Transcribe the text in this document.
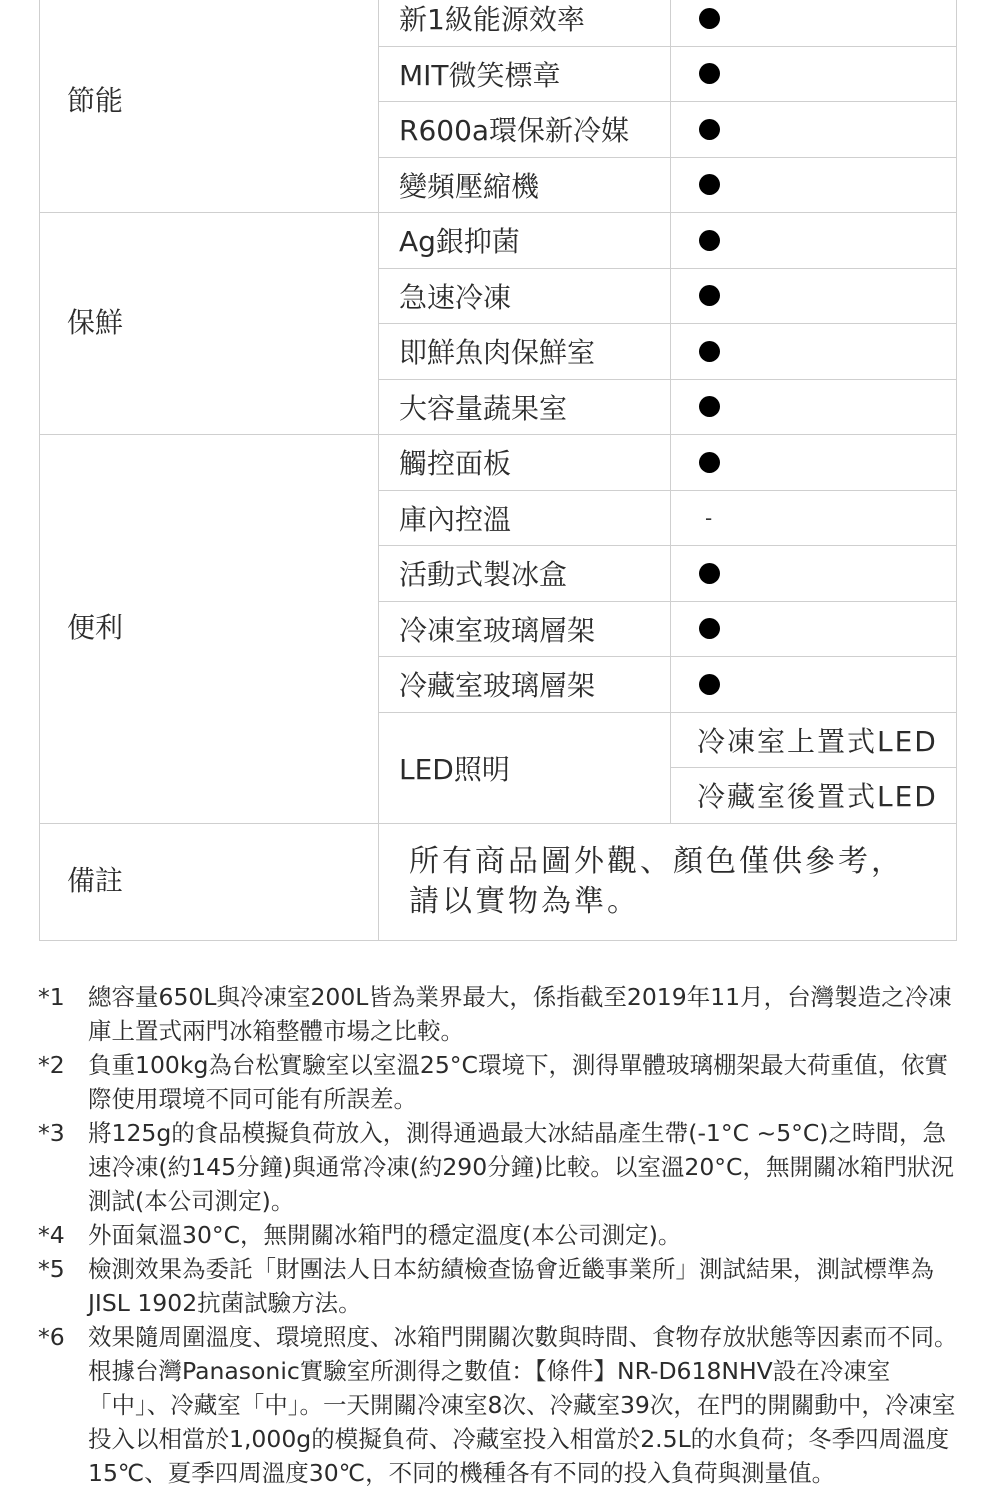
節能	新1級能源效率	
	MIT微笑標章	
	R600a環保新冷媒	
	變頻壓縮機	
保鮮	Ag銀抑菌	
	急速冷凍	
	即鮮魚肉保鮮室	
	大容量蔬果室	
便利	觸控面板	
	庫內控溫	-
	活動式製冰盒	
	冷凍室玻璃層架	
	冷藏室玻璃層架	
	LED照明	冷凍室上置式LED
		冷藏室後置式LED
備註	所有商品圖外觀、顏色僅供參考，
請以實物為準。	
*1 總容量650L與冷凍室200L皆為業界最大，係指截至2019年11月，台灣製造之冷凍庫上置式兩門冰箱整體市場之比較。
*2 負重100kg為台松實驗室以室溫25°C環境下，測得單體玻璃棚架最大荷重值，依實際使用環境不同可能有所誤差。
*3 將125g的食品模擬負荷放入，測得通過最大冰結晶產生帶(-1°C ~5°C)之時間，急速冷凍(約145分鐘)與通常冷凍(約290分鐘)比較。以室溫20°C，無開關冰箱門狀況測試(本公司測定)。
*4 外面氣溫30°C，無開關冰箱門的穩定溫度(本公司測定)。
*5 檢測效果為委託「財團法人日本紡績檢查協會近畿事業所」測試結果，測試標準為JISL 1902抗菌試驗方法。
*6 效果隨周圍溫度、環境照度、冰箱門開關次數與時間、食物存放狀態等因素而不同。根據台灣Panasonic實驗室所測得之數值：【條件】NR-D618NHV設在冷凍室「中」、冷藏室「中」。一天開關冷凍室8次、冷藏室39次，在門的開關動中，冷凍室投入以相當於1,000g的模擬負荷、冷藏室投入相當於2.5L的水負荷；冬季四周溫度15℃、夏季四周溫度30℃，不同的機種各有不同的投入負荷與測量值。
